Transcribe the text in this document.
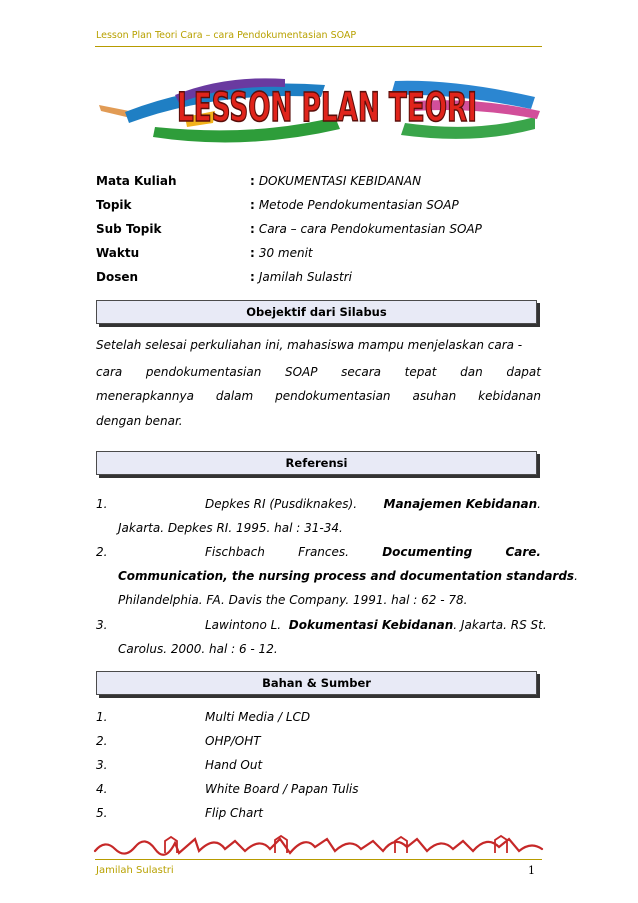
Lesson Plan Teori Cara – cara Pendokumentasian SOAP
LESSON PLAN TEORI
Mata Kuliah	: DOKUMENTASI KEBIDANAN
Topik	: Metode Pendokumentasian SOAP
Sub Topik	: Cara – cara Pendokumentasian SOAP
Waktu	: 30 menit
Dosen	: Jamilah Sulastri
Obejektif dari Silabus
Setelah selesai perkuliahan ini, mahasiswa mampu menjelaskan cara -
cara pendokumentasian SOAP secara tepat dan dapat
menerapkannya dalam pendokumentasian asuhan kebidanan
dengan benar.
Referensi
1.	Depkes RI (Pusdiknakes). Manajemen Kebidanan.
Jakarta. Depkes RI. 1995. hal : 31-34.
2.	Fischbach	Frances.	Documenting	Care.
Communication, the nursing process and documentation standards.
Philandelphia. FA. Davis the Company. 1991. hal : 62 - 78.
3.	Lawintono L. Dokumentasi Kebidanan. Jakarta. RS St.
Carolus. 2000. hal : 6 - 12.
Bahan & Sumber
1.	Multi Media / LCD
2.	OHP/OHT
3.	Hand Out
4.	White Board / Papan Tulis
5.	Flip Chart
Jamilah Sulastri	1
